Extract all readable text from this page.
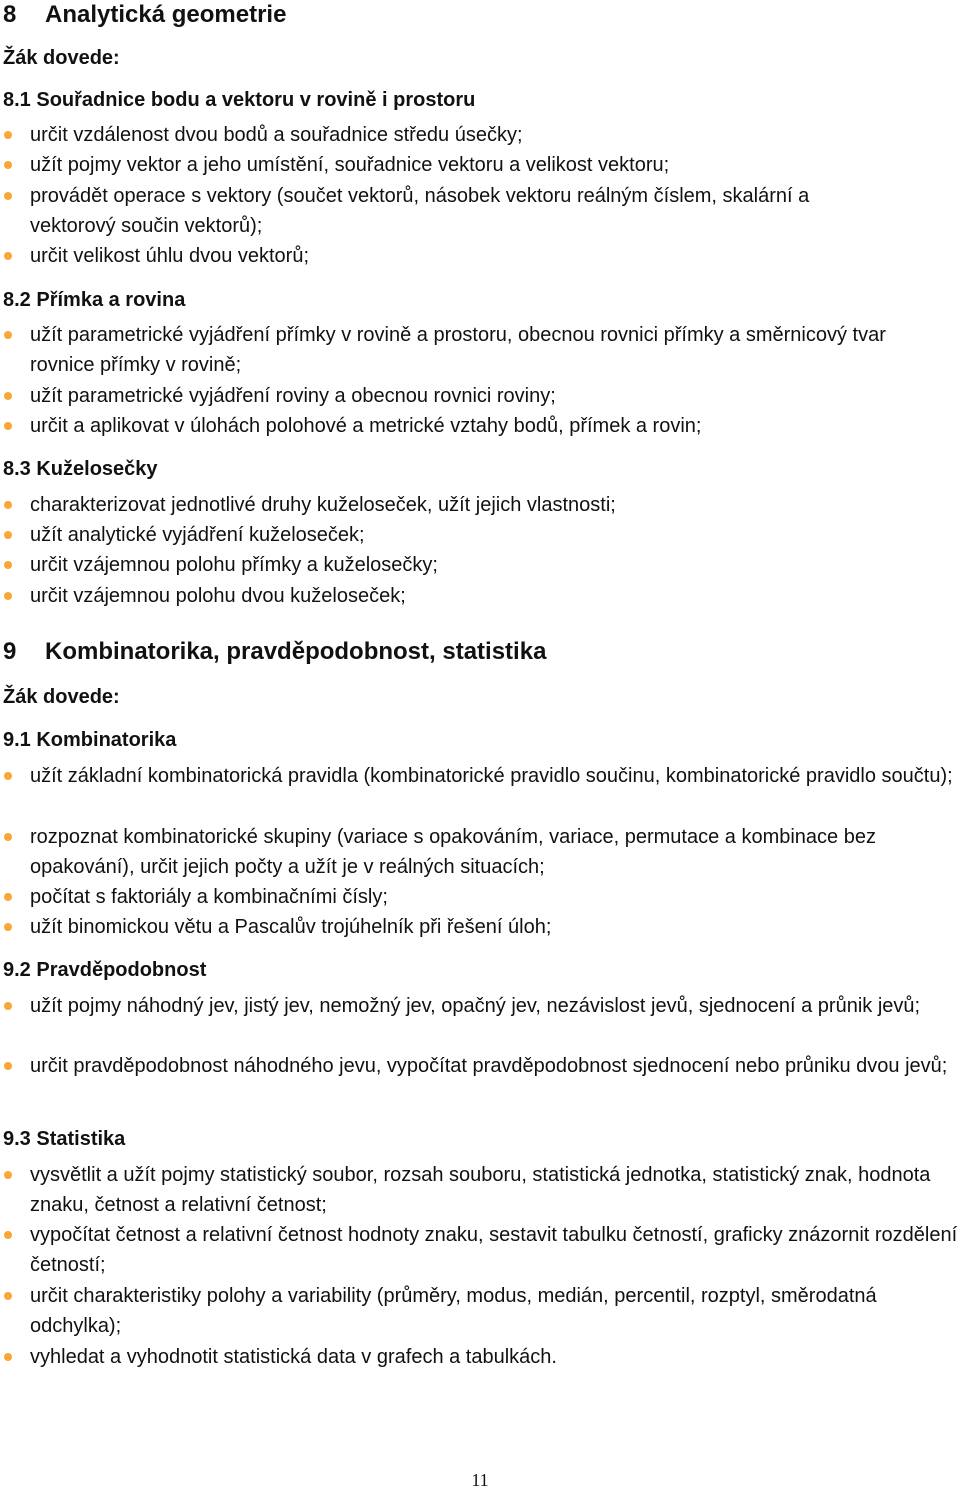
8 Analytická geometrie
Žák dovede:
8.1 Souřadnice bodu a vektoru v rovině i prostoru
určit vzdálenost dvou bodů a souřadnice středu úsečky;
užít pojmy vektor a jeho umístění, souřadnice vektoru a velikost vektoru;
provádět operace s vektory (součet vektorů, násobek vektoru reálným číslem, skalární a vektorový součin vektorů);
určit velikost úhlu dvou vektorů;
8.2 Přímka a rovina
užít parametrické vyjádření přímky v rovině a prostoru, obecnou rovnici přímky a směrnicový tvar rovnice přímky v rovině;
užít parametrické vyjádření roviny a obecnou rovnici roviny;
určit a aplikovat v úlohách polohové a metrické vztahy bodů, přímek a rovin;
8.3 Kuželosečky
charakterizovat jednotlivé druhy kuželoseček, užít jejich vlastnosti;
užít analytické vyjádření kuželoseček;
určit vzájemnou polohu přímky a kuželosečky;
určit vzájemnou polohu dvou kuželoseček;
9 Kombinatorika, pravděpodobnost, statistika
Žák dovede:
9.1 Kombinatorika
užít základní kombinatorická pravidla (kombinatorické pravidlo součinu, kombinatorické pravidlo součtu);
rozpoznat kombinatorické skupiny (variace s opakováním, variace, permutace a kombinace bez opakování), určit jejich počty a užít je v reálných situacích;
počítat s faktoriály a kombinačními čísly;
užít binomickou větu a Pascalův trojúhelník při řešení úloh;
9.2 Pravděpodobnost
užít pojmy náhodný jev, jistý jev, nemožný jev, opačný jev, nezávislost jevů, sjednocení a průnik jevů;
určit pravděpodobnost náhodného jevu, vypočítat pravděpodobnost sjednocení nebo průniku dvou jevů;
9.3 Statistika
vysvětlit a užít pojmy statistický soubor, rozsah souboru, statistická jednotka, statistický znak, hodnota znaku, četnost a relativní četnost;
vypočítat četnost a relativní četnost hodnoty znaku, sestavit tabulku četností, graficky znázornit rozdělení četností;
určit charakteristiky polohy a variability (průměry, modus, medián, percentil, rozptyl, směrodatná odchylka);
vyhledat a vyhodnotit statistická data v grafech a tabulkách.
11
